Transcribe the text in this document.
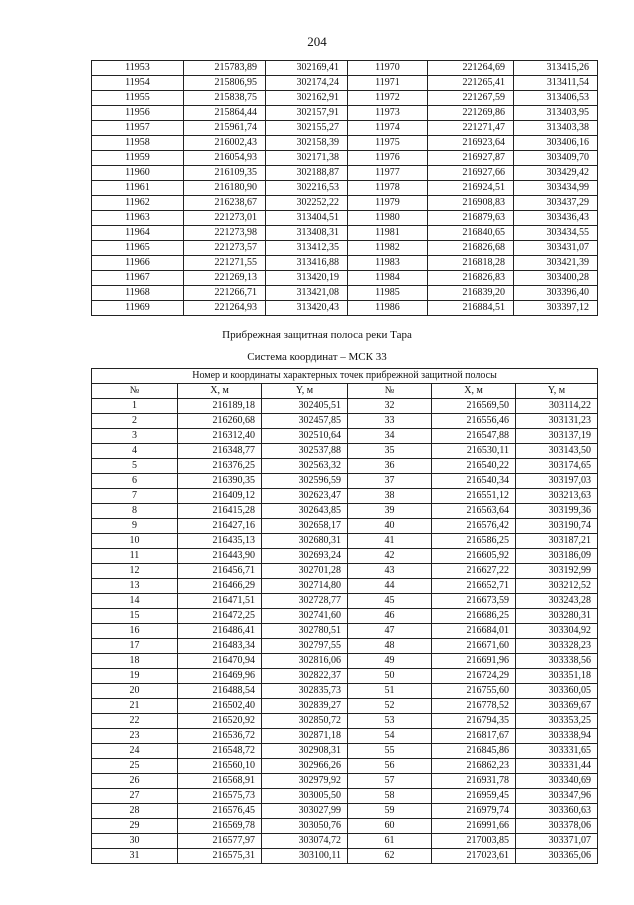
204
11953	215783,89	302169,41	11970	221264,69	313415,26
11954	215806,95	302174,24	11971	221265,41	313411,54
11955	215838,75	302162,91	11972	221267,59	313406,53
11956	215864,44	302157,91	11973	221269,86	313403,95
11957	215961,74	302155,27	11974	221271,47	313403,38
11958	216002,43	302158,39	11975	216923,64	303406,16
11959	216054,93	302171,38	11976	216927,87	303409,70
11960	216109,35	302188,87	11977	216927,66	303429,42
11961	216180,90	302216,53	11978	216924,51	303434,99
11962	216238,67	302252,22	11979	216908,83	303437,29
11963	221273,01	313404,51	11980	216879,63	303436,43
11964	221273,98	313408,31	11981	216840,65	303434,55
11965	221273,57	313412,35	11982	216826,68	303431,07
11966	221271,55	313416,88	11983	216818,28	303421,39
11967	221269,13	313420,19	11984	216826,83	303400,28
11968	221266,71	313421,08	11985	216839,20	303396,40
11969	221264,93	313420,43	11986	216884,51	303397,12
Прибрежная защитная полоса реки Тара
Система координат – МСК 33
Номер и координаты характерных точек прибрежной защитной полосы					
№	X, м	Y, м	№	X, м	Y, м
1	216189,18	302405,51	32	216569,50	303114,22
2	216260,68	302457,85	33	216556,46	303131,23
3	216312,40	302510,64	34	216547,88	303137,19
4	216348,77	302537,88	35	216530,11	303143,50
5	216376,25	302563,32	36	216540,22	303174,65
6	216390,35	302596,59	37	216540,34	303197,03
7	216409,12	302623,47	38	216551,12	303213,63
8	216415,28	302643,85	39	216563,64	303199,36
9	216427,16	302658,17	40	216576,42	303190,74
10	216435,13	302680,31	41	216586,25	303187,21
11	216443,90	302693,24	42	216605,92	303186,09
12	216456,71	302701,28	43	216627,22	303192,99
13	216466,29	302714,80	44	216652,71	303212,52
14	216471,51	302728,77	45	216673,59	303243,28
15	216472,25	302741,60	46	216686,25	303280,31
16	216486,41	302780,51	47	216684,01	303304,92
17	216483,34	302797,55	48	216671,60	303328,23
18	216470,94	302816,06	49	216691,96	303338,56
19	216469,96	302822,37	50	216724,29	303351,18
20	216488,54	302835,73	51	216755,60	303360,05
21	216502,40	302839,27	52	216778,52	303369,67
22	216520,92	302850,72	53	216794,35	303353,25
23	216536,72	302871,18	54	216817,67	303338,94
24	216548,72	302908,31	55	216845,86	303331,65
25	216560,10	302966,26	56	216862,23	303331,44
26	216568,91	302979,92	57	216931,78	303340,69
27	216575,73	303005,50	58	216959,45	303347,96
28	216576,45	303027,99	59	216979,74	303360,63
29	216569,78	303050,76	60	216991,66	303378,06
30	216577,97	303074,72	61	217003,85	303371,07
31	216575,31	303100,11	62	217023,61	303365,06
